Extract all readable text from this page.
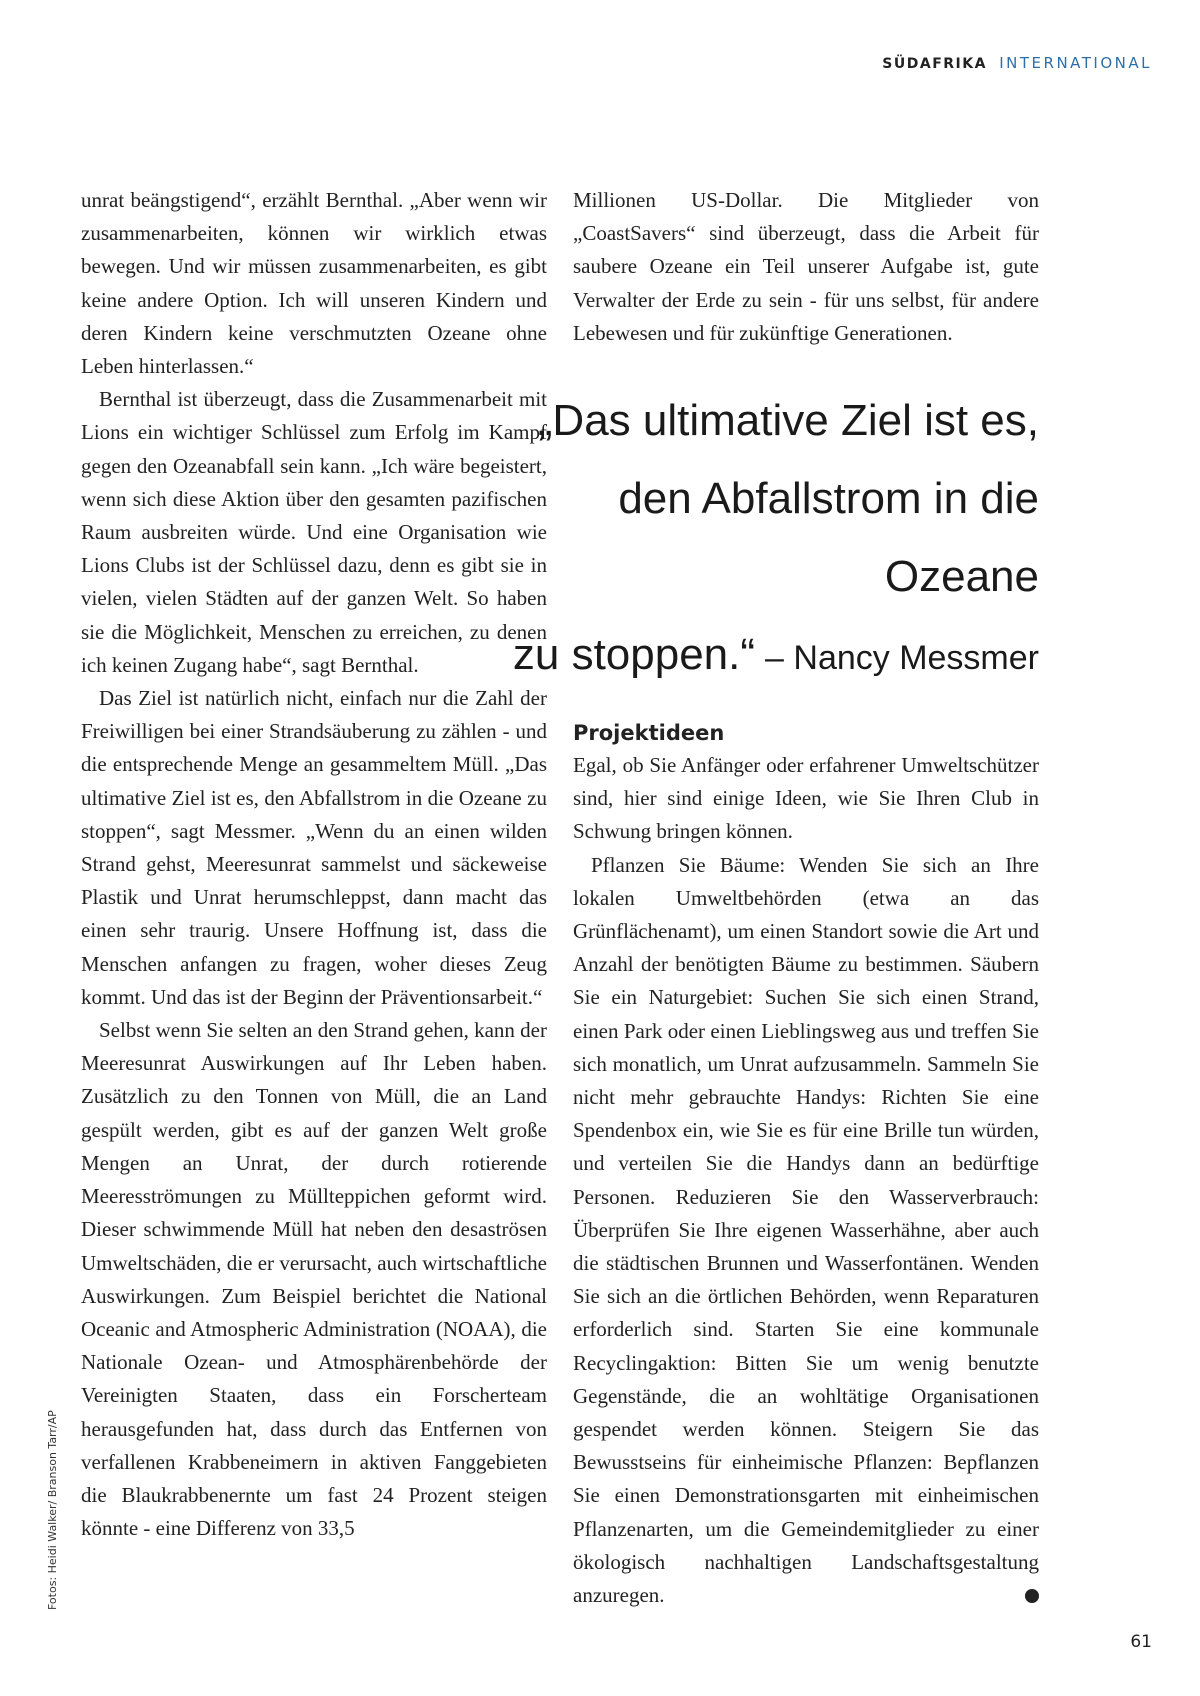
SÜDAFRIKA INTERNATIONAL

unrat beängstigend“, erzählt Bernthal. „Aber wenn wir zusammenarbeiten, können wir wirklich etwas bewegen. Und wir müssen zusammenarbeiten, es gibt keine andere Option. Ich will unseren Kindern und deren Kindern keine verschmutzten Ozeane ohne Leben hinterlassen.“

Bernthal ist überzeugt, dass die Zusammenarbeit mit Lions ein wichtiger Schlüssel zum Erfolg im Kampf gegen den Ozeanabfall sein kann. „Ich wäre begeistert, wenn sich diese Aktion über den gesamten pazifischen Raum ausbreiten würde. Und eine Organisation wie Lions Clubs ist der Schlüssel dazu, denn es gibt sie in vielen, vielen Städten auf der ganzen Welt. So haben sie die Möglichkeit, Menschen zu erreichen, zu denen ich keinen Zugang habe“, sagt Bernthal.

Das Ziel ist natürlich nicht, einfach nur die Zahl der Freiwilligen bei einer Strandsäuberung zu zählen - und die entsprechende Menge an gesammeltem Müll. „Das ultimative Ziel ist es, den Abfallstrom in die Ozeane zu stoppen“, sagt Messmer. „Wenn du an einen wilden Strand gehst, Meeresunrat sammelst und säckeweise Plastik und Unrat herumschleppst, dann macht das einen sehr traurig. Unsere Hoffnung ist, dass die Menschen anfangen zu fragen, woher dieses Zeug kommt. Und das ist der Beginn der Präventionsarbeit.“

Selbst wenn Sie selten an den Strand gehen, kann der Meeresunrat Auswirkungen auf Ihr Leben haben. Zusätzlich zu den Tonnen von Müll, die an Land gespült werden, gibt es auf der ganzen Welt große Mengen an Unrat, der durch rotierende Meeresströmungen zu Müllteppichen geformt wird. Dieser schwimmende Müll hat neben den desaströsen Umweltschäden, die er verursacht, auch wirtschaftliche Auswirkungen. Zum Beispiel berichtet die National Oceanic and Atmospheric Administration (NOAA), die Nationale Ozean- und Atmosphärenbehörde der Vereinigten Staaten, dass ein Forscherteam herausgefunden hat, dass durch das Entfernen von verfallenen Krabbeneimern in aktiven Fanggebieten die Blaukrabbenernte um fast 24 Prozent steigen könnte - eine Differenz von 33,5

Millionen US-Dollar. Die Mitglieder von „CoastSavers“ sind überzeugt, dass die Arbeit für saubere Ozeane ein Teil unserer Aufgabe ist, gute Verwalter der Erde zu sein - für uns selbst, für andere Lebewesen und für zukünftige Generationen.

„Das ultimative Ziel ist es,
den Abfallstrom in die Ozeane
zu stoppen.“ – Nancy Messmer
Projektideen

Egal, ob Sie Anfänger oder erfahrener Umweltschützer sind, hier sind einige Ideen, wie Sie Ihren Club in Schwung bringen können.

Pflanzen Sie Bäume: Wenden Sie sich an Ihre lokalen Umweltbehörden (etwa an das Grünflächenamt), um einen Standort sowie die Art und Anzahl der benötigten Bäume zu bestimmen. Säubern Sie ein Naturgebiet: Suchen Sie sich einen Strand, einen Park oder einen Lieblingsweg aus und treffen Sie sich monatlich, um Unrat aufzusammeln. Sammeln Sie nicht mehr gebrauchte Handys: Richten Sie eine Spendenbox ein, wie Sie es für eine Brille tun würden, und verteilen Sie die Handys dann an bedürftige Personen. Reduzieren Sie den Wasserverbrauch: Überprüfen Sie Ihre eigenen Wasserhähne, aber auch die städtischen Brunnen und Wasserfontänen. Wenden Sie sich an die örtlichen Behörden, wenn Reparaturen erforderlich sind. Starten Sie eine kommunale Recyclingaktion: Bitten Sie um wenig benutzte Gegenstände, die an wohltätige Organisationen gespendet werden können. Steigern Sie das Bewusstseins für einheimische Pflanzen: Bepflanzen Sie einen Demonstrationsgarten mit einheimischen Pflanzenarten, um die Gemeindemitglieder zu einer ökologisch nachhaltigen Landschaftsgestaltung anzuregen.	L

Fotos: Heidi Walker/ Branson Tarr/AP
61
